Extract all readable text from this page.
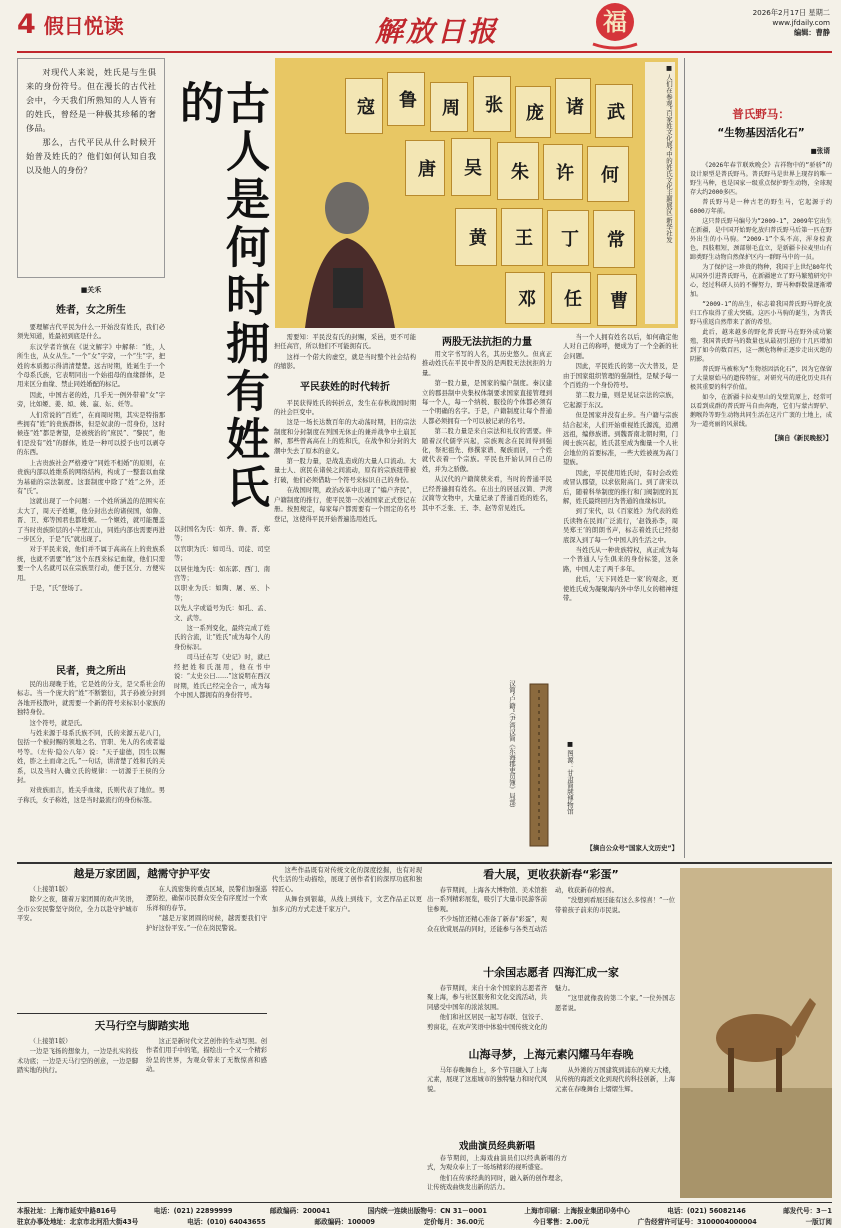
4 假日悦读	解放日报	福	2026年2月17日 星期二
www.jfdaily.com
编辑：曹静

对现代人来说，姓氏是与生俱来的身份符号。但在漫长的古代社会中，今天我们所熟知的人人皆有的姓氏，曾经是一种极其珍稀的奢侈品。

那么，古代平民从什么时候开始普及姓氏的？他们如何认知自我以及他人的身份？	古人是何时拥有姓氏的	寇	鲁	周	张	庞	诸	武
唐	吴	朱	许	何
黄	王	丁	常
邓	任	曹
■ 人们在参观“百家姓文化展”中的姓氏文化主题展区 新华社发
■关禾
姓者，女之所生

要理解古代平民为什么一开始没有姓氏，我们必须先知道，姓最初到底是什么。

东汉学者许慎在《说文解字》中解释：“姓，人所生也，从女从生。”一个“女”字旁，一个“生”字，把姓的本质揭示得清清楚楚。远古时期，姓诞生于一个个母系氏族，它表明同出一个始祖母的血缘群体，是用来区分血缘、禁止同姓婚配的标记。

因此，中国古老的姓，几乎无一例外带着“女”字旁，比如姬、姜、姒、姚、嬴、妘、妊等。

人们常说的“百姓”，在商周时期，其实是特指那些拥有“姓”的贵族群体，但是奴隶的一贯身份，这时候连“姓”都是奢望，是被统治的“庶民”、“黎民”，他们是没有“姓”的群体，姓是一种可以授予也可以剥夺的东西。

上古贵族社会严格遵守“同姓不相婚”的原则，在贵族内部以姓维系的网络结构，构成了一整套以血缘为基础的宗法制度。这套制度中除了“姓”之外，还有“氏”。

这就出现了一个问题：一个姓所涵盖的范围实在太大了，周天子姓姬，他分封出去的诸侯国，如鲁、晋、卫、郑等国君也都姓姬。一个姬姓，就可能覆盖了当时贵族阶层的小半壁江山，同姓内部也需要再进一步区分，于是“氏”就出现了。

对于平民来说，他们并不属于高高在上的贵族系统，也就不需要“姓”这个东西来标记血缘，他们只需要一个人名就可以在宗族里行动，便于区分、方便实用。

于是，“氏”登场了。

民者，贵之所出

民的出现晚于姓，它是姓的分支，是父系社会的标志。当一个庞大的“姓”不断繁衍，其子孙被分封到各地开枝散叶，就需要一个新的符号来标识小家族的独特身份。

这个符号，就是氏。

与姓来源于母系氏族不同，氏的来源五花八门，包括一个被封赐的领地之名、官职、先人的名或者谥号等。（左传·隐公八年）说：“天子建德，因生以赐姓，胙之土而命之氏。”一句话，讲清楚了姓和氏的关系，以及当时人确立氏的规律：一切源于王侯的分封。

对贵族而言，姓关乎血缘，氏则代表了地位。男子称氏，女子称姓，这是当时最流行的身份标签。

以封国名为氏：如齐、鲁、晋、郑等；

以官职为氏：如司马、司徒、司空等；

以居住地为氏：如东郭、西门、南宫等；

以职业为氏：如陶、屠、巫、卜等；

以先人字或谥号为氏：如孔、孟、文、武等。

这一系列变化，最终完成了姓氏的合流，让“姓氏”成为每个人的身份标识。

司马迁在写《史记》时，就已经把姓和氏混用，他在书中说：“太史公曰……”这说明在西汉时期，姓氏已经完全合一，成为每个中国人都拥有的身份符号。

需要知：平民没有氏的封赐，采邑，更不可能担任高官，所以他们不可能拥有氏。

这样一个偌大的虚空，就是当时整个社会结构的缩影。

平民获姓的时代转折

平民获得姓氏的转折点，发生在春秋战国时期的社会巨变中。

这是一场长达数百年的大动荡时期，旧的宗法制度和分封制度在列国无休止的兼并战争中土崩瓦解，那些曾高高在上的姓和氏，在战争和分封的大潮中失去了原本的意义。

第一股力量，是战乱造成的大量人口流动。大量士人、庶民在诸侯之间流动，原有的宗族纽带被打破，他们必须借助一个符号来标识自己的身份。

在战国时期，政治改革中出现了“编户齐民”，户籍制度的推行，使平民第一次被国家正式登记在册。按照规定，每家每户都需要有一个固定的名号登记，这使得平民开始普遍选用姓氏。

两股无法抗拒的力量

用文字书写的人名，其历史悠久。但真正推动姓氏在平民中普及的是两股无法抗拒的力量。

第一股力量，是国家的编户制度。秦汉建立的郡县制中央集权体制要求国家直接管理到每一个人，每一个纳税、服役的个体都必须有一个明确的名字。于是，户籍制度让每个普通人都必须拥有一个可以被记录的名号。

第二股力量是来自宗法和礼仪的需要。伴随着汉代儒学兴起，宗族观念在民间得到强化，祭祀祖先、修撰家谱、聚族而居，一个姓就代表着一个宗族。平民也开始认同自己的姓，并为之骄傲。

从汉代的户籍简牍来看，当时的普通平民已经普遍拥有姓名。在出土的居延汉简、尹湾汉简等文物中，大量记录了普通百姓的姓名，其中不乏张、王、李、赵等常见姓氏。

汉简“户籍”（尹湾汉简《东海郡吏员簿》局部）	■ 图源：甘肃简牍博物馆

当一个人拥有姓名以后，如何确定他人对自己的称呼，便成为了一个全新的社会问题。

因此，平民姓氏的第一次大普及，是由于国家组织管理的强制性，是赋予每一个百姓的一个身份符号。

第二股力量，则是见证宗法的宗族，它起源于东汉。

但是国家并没有止步。当户籍与宗族结合起来，人们开始重视姓氏源流，追溯远祖，编修族谱。到魏晋南北朝时期，门阀士族兴起，姓氏甚至成为衡量一个人社会地位的首要标准，一些大姓被视为高门望族。

因此，平民使用姓氏时，有时会改姓或冒认郡望，以求依附高门。到了唐宋以后，随着科举制度的推行和门阀制度的瓦解，姓氏最终回归为普通的血缘标识。

到了宋代，以《百家姓》为代表的姓氏读物在民间广泛流行，‘赵钱孙李，周吴郑王’的朗朗书声，标志着姓氏已经彻底深入到了每一个中国人的生活之中。

当姓氏从一种贵族特权，真正成为每一个普通人与生俱来的身份标签，这条路，中国人走了两千多年。

此后，‘天下同姓是一家’的观念，更使姓氏成为凝聚海内外中华儿女的精神纽带。

【摘自公众号“国家人文历史”】
普氏野马：
“生物基因活化石”
■张谞

《2026年春节联欢晚会》吉祥物中的“骄骄”的设计原型是普氏野马。普氏野马是世界上现存的唯一野生马种，也是国家一级重点保护野生动物，全球现存大约2000多匹。

普氏野马是一种古老的野生马，它起源于约6000万年前。

这只普氏野马编号为“2009-1”，2009年它出生在新疆，是中国开始野化放归普氏野马后第一匹在野外出生的小马驹。“2009-1”个头不高，浑身棕黄色，四肢粗短，颈部鬃毛直立，是新疆卡拉麦里山有蹄类野生动物自然保护区内一群野马中的一员。

为了保护这一珍贵的物种，我国于上世纪80年代从国外引进普氏野马，在新疆建立了野马繁殖研究中心，经过科研人员的不懈努力，野马种群数量逐渐增加。

“2009-1”的出生，标志着我国普氏野马野化放归工作取得了重大突破。这匹小马驹的诞生，为普氏野马重返自然带来了新的希望。

此后，越来越多的野化普氏野马在野外成功繁殖，我国普氏野马的数量也从最初引进的十几匹增加到了如今的数百匹，这一濒危物种正逐步走出灭绝的阴影。

普氏野马被称为“生物基因活化石”，因为它保留了大量原始马的遗传特征，对研究马的进化历史具有极其重要的科学价值。

如今，在新疆卡拉麦里山的戈壁荒原上，经常可以看到成群的普氏野马自由奔跑，它们与蒙古野驴、鹅喉羚等野生动物共同生活在这片广袤的土地上，成为一道亮丽的风景线。

【摘自《新民晚报》】
越是万家团圆，越需守护平安

（上接第1版）

除夕之夜，随着万家团圆的欢声笑语，全市公安民警坚守岗位，全力以赴守护城市平安。

在人流密集的重点区域，民警们加强巡逻防控，确保市民群众安全有序度过一个欢乐祥和的春节。

“越是万家团圆的时候，越需要我们守护好这份平安。”一位在岗民警说。

天马行空与脚踏实地

（上接第1版）

一边是飞扬的想象力，一边是扎实的技术功底；一边是天马行空的创意，一边是脚踏实地的执行。

这正是新时代文艺创作的生动写照。创作者们用手中的笔，描绘出一个又一个精彩纷呈的世界，为观众带来了无数惊喜和感动。

这些作品既有对传统文化的深度挖掘，也有对现代生活的生动描绘，展现了创作者们的深厚功底和独特匠心。

从舞台到银幕，从线上到线下，文艺作品正以更加多元的方式走进千家万户。

看大展，更收获新春“彩蛋”

春节期间，上海各大博物馆、美术馆推出一系列精彩展览，吸引了大量市民游客前往参观。

不少场馆还精心准备了新春“彩蛋”，观众在欣赏展品的同时，还能参与各类互动活动，收获新春的惊喜。

“没想到看展还能有这么多惊喜！”一位带着孩子前来的市民说。

十余国志愿者 四海汇成一家

春节期间，来自十余个国家的志愿者齐聚上海，参与社区服务和文化交流活动，共同感受中国年的浓浓氛围。

他们和社区居民一起写春联、包饺子、剪窗花，在欢声笑语中体验中国传统文化的魅力。

“这里就像我的第二个家。”一位外国志愿者说。

山海寻梦，上海元素闪耀马年春晚

马年春晚舞台上，多个节目融入了上海元素，展现了这座城市的独特魅力和时代风貌。

从外滩的万国建筑到浦东的摩天大楼，从传统的海派文化到现代的科技创新，上海元素在春晚舞台上熠熠生辉。

戏曲演员经典新唱

春节期间，上海戏曲演员们以经典新唱的方式，为观众奉上了一场场精彩的视听盛宴。

他们在传承经典的同时，融入新的创作理念，让传统戏曲焕发出新的活力。

本报社址：上海市延安中路816号	电话：(021) 22899999	邮政编码：200041	国内统一连续出版物号：CN 31－0001	上海市印刷：上海报业集团印务中心	电话：(021) 56082146	邮发代号：3－1
驻京办事处地址：北京市北河沿大街43号	电话：(010) 64043655	邮政编码：100009	定价每月：36.00元	今日零售：2.00元	广告经营许可证号：3100004000004	一版订阅
